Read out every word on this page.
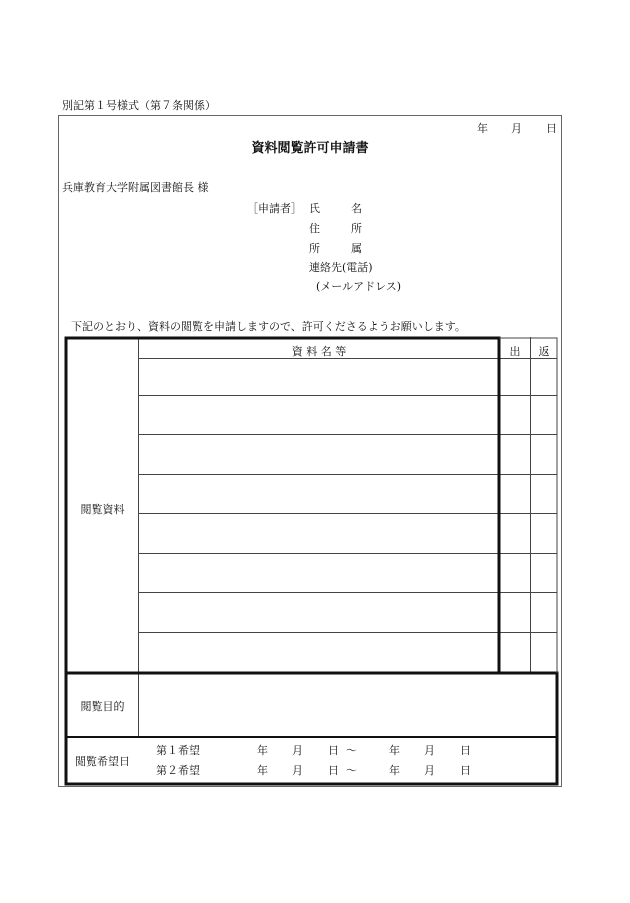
別記第１号様式（第７条関係）
年 月 日
資料閲覧許可申請書
兵庫教育大学附属図書館長 様
［申請者］ 氏	名
住	所
所	属
連絡先(電話)
(メールアドレス)
下記のとおり、資料の閲覧を申請しますので、許可くださるようお願いします。
資 料 名 等	出	返
閲覧資料
閲覧目的
閲覧希望日
第１希望	年 月 日 ～	年 月 日
第２希望	年 月 日 ～	年 月 日
